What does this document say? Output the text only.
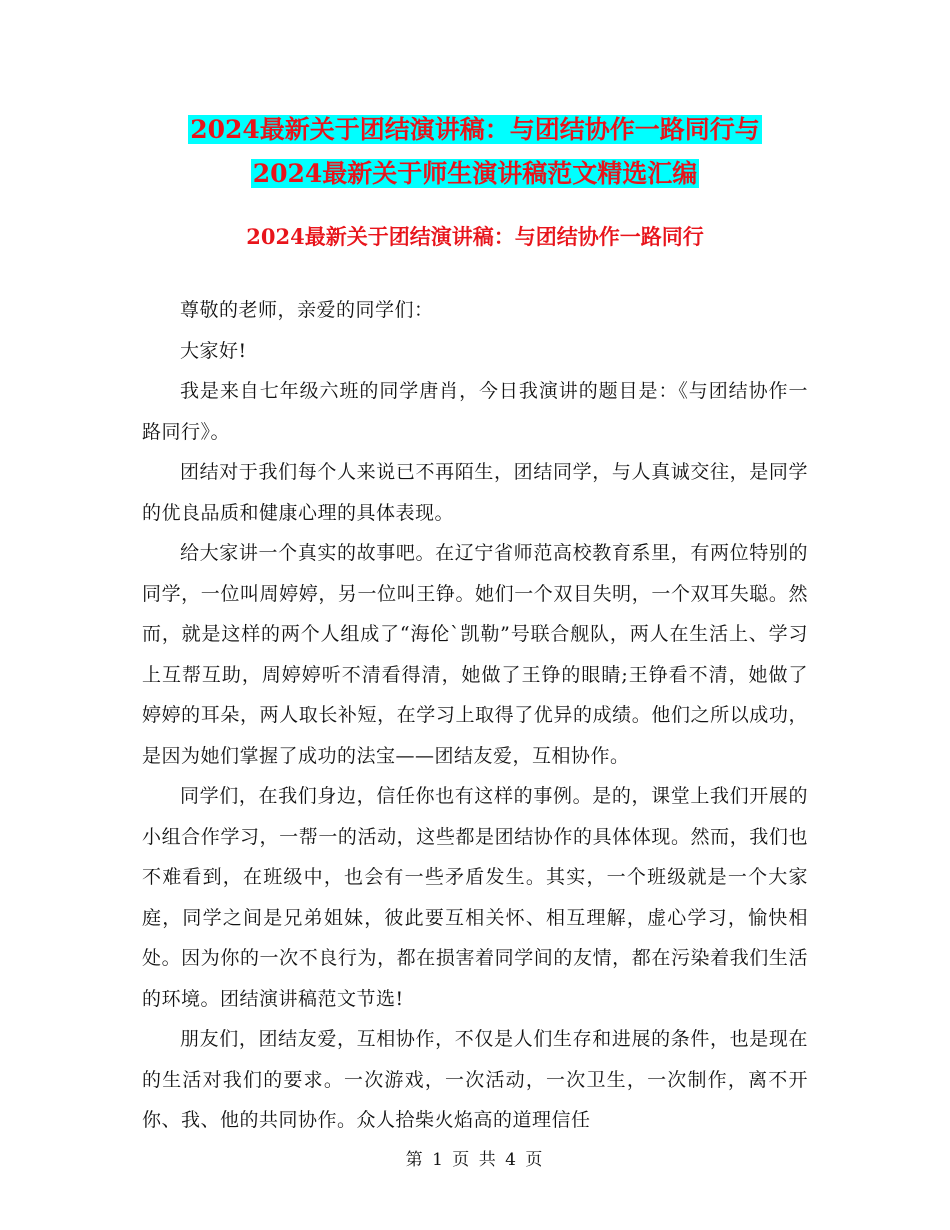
2024最新关于团结演讲稿：与团结协作一路同行与
2024最新关于师生演讲稿范文精选汇编
2024最新关于团结演讲稿：与团结协作一路同行

尊敬的老师，亲爱的同学们：

大家好!

我是来自七年级六班的同学唐肖，今日我演讲的题目是：《与团结协作一路同行》。

团结对于我们每个人来说已不再陌生，团结同学，与人真诚交往，是同学的优良品质和健康心理的具体表现。

给大家讲一个真实的故事吧。在辽宁省师范高校教育系里，有两位特别的同学，一位叫周婷婷，另一位叫王铮。她们一个双目失明，一个双耳失聪。然而，就是这样的两个人组成了“海伦`凯勒”号联合舰队，两人在生活上、学习上互帮互助，周婷婷听不清看得清，她做了王铮的眼睛;王铮看不清，她做了婷婷的耳朵，两人取长补短，在学习上取得了优异的成绩。他们之所以成功，是因为她们掌握了成功的法宝——团结友爱，互相协作。

同学们，在我们身边，信任你也有这样的事例。是的，课堂上我们开展的小组合作学习，一帮一的活动，这些都是团结协作的具体体现。然而，我们也不难看到，在班级中，也会有一些矛盾发生。其实，一个班级就是一个大家庭，同学之间是兄弟姐妹，彼此要互相关怀、相互理解，虚心学习，愉快相处。因为你的一次不良行为，都在损害着同学间的友情，都在污染着我们生活的环境。团结演讲稿范文节选!

朋友们，团结友爱，互相协作，不仅是人们生存和进展的条件，也是现在的生活对我们的要求。一次游戏，一次活动，一次卫生，一次制作，离不开你、我、他的共同协作。众人拾柴火焰高的道理信任

第 1 页 共 4 页
